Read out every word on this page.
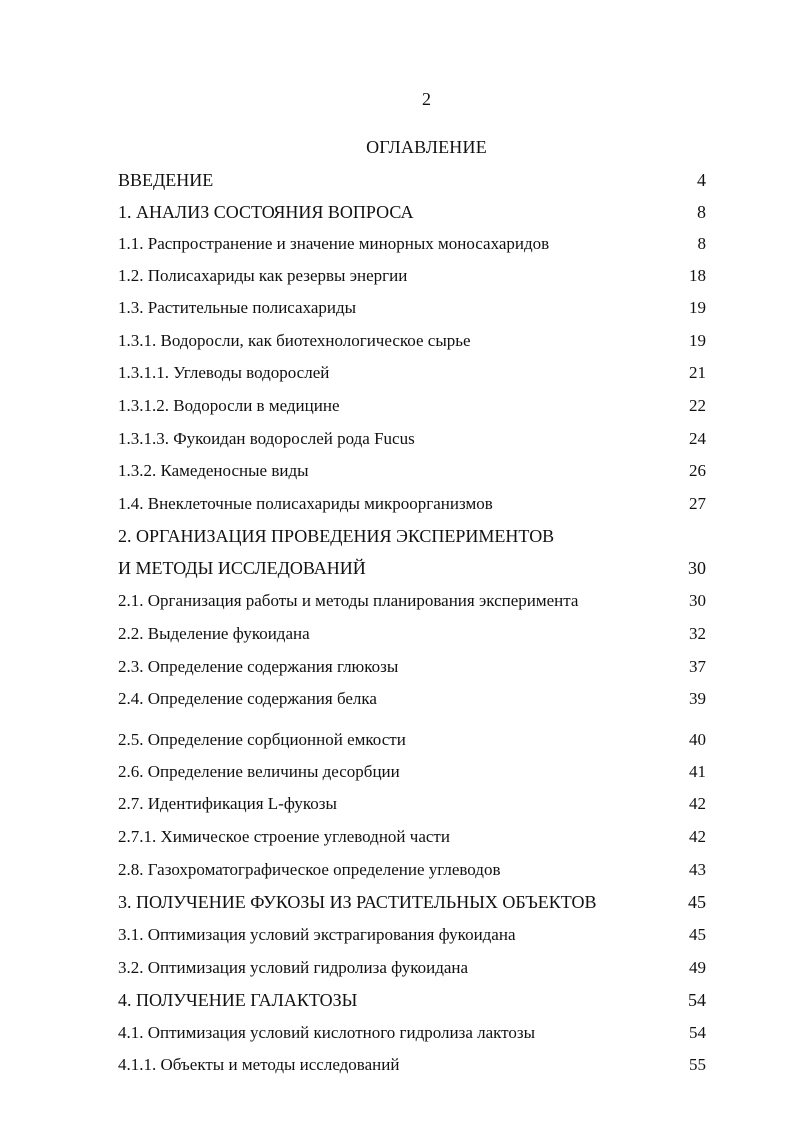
2
ОГЛАВЛЕНИЕ
ВВЕДЕНИЕ	4
1. АНАЛИЗ СОСТОЯНИЯ ВОПРОСА	8
1.1. Распространение и значение минорных моносахаридов	8
1.2. Полисахариды как резервы энергии	18
1.3. Растительные полисахариды	19
1.3.1. Водоросли, как биотехнологическое сырье	19
1.3.1.1. Углеводы водорослей	21
1.3.1.2. Водоросли в медицине	22
1.3.1.3. Фукоидан водорослей рода Fucus	24
1.3.2. Камеденосные виды	26
1.4. Внеклеточные полисахариды микроорганизмов	27
2. ОРГАНИЗАЦИЯ ПРОВЕДЕНИЯ ЭКСПЕРИМЕНТОВ
И МЕТОДЫ ИССЛЕДОВАНИЙ	30
2.1. Организация работы и методы планирования эксперимента	30
2.2. Выделение фукоидана	32
2.3. Определение содержания глюкозы	37
2.4. Определение содержания белка	39
2.5. Определение сорбционной емкости	40
2.6. Определение величины десорбции	41
2.7. Идентификация L-фукозы	42
2.7.1. Химическое строение углеводной части	42
2.8. Газохроматографическое определение углеводов	43
3. ПОЛУЧЕНИЕ ФУКОЗЫ ИЗ РАСТИТЕЛЬНЫХ ОБЪЕКТОВ	45
3.1. Оптимизация условий экстрагирования фукоидана	45
3.2. Оптимизация условий гидролиза фукоидана	49
4. ПОЛУЧЕНИЕ ГАЛАКТОЗЫ	54
4.1. Оптимизация условий кислотного гидролиза лактозы	54
4.1.1. Объекты и методы исследований	55
